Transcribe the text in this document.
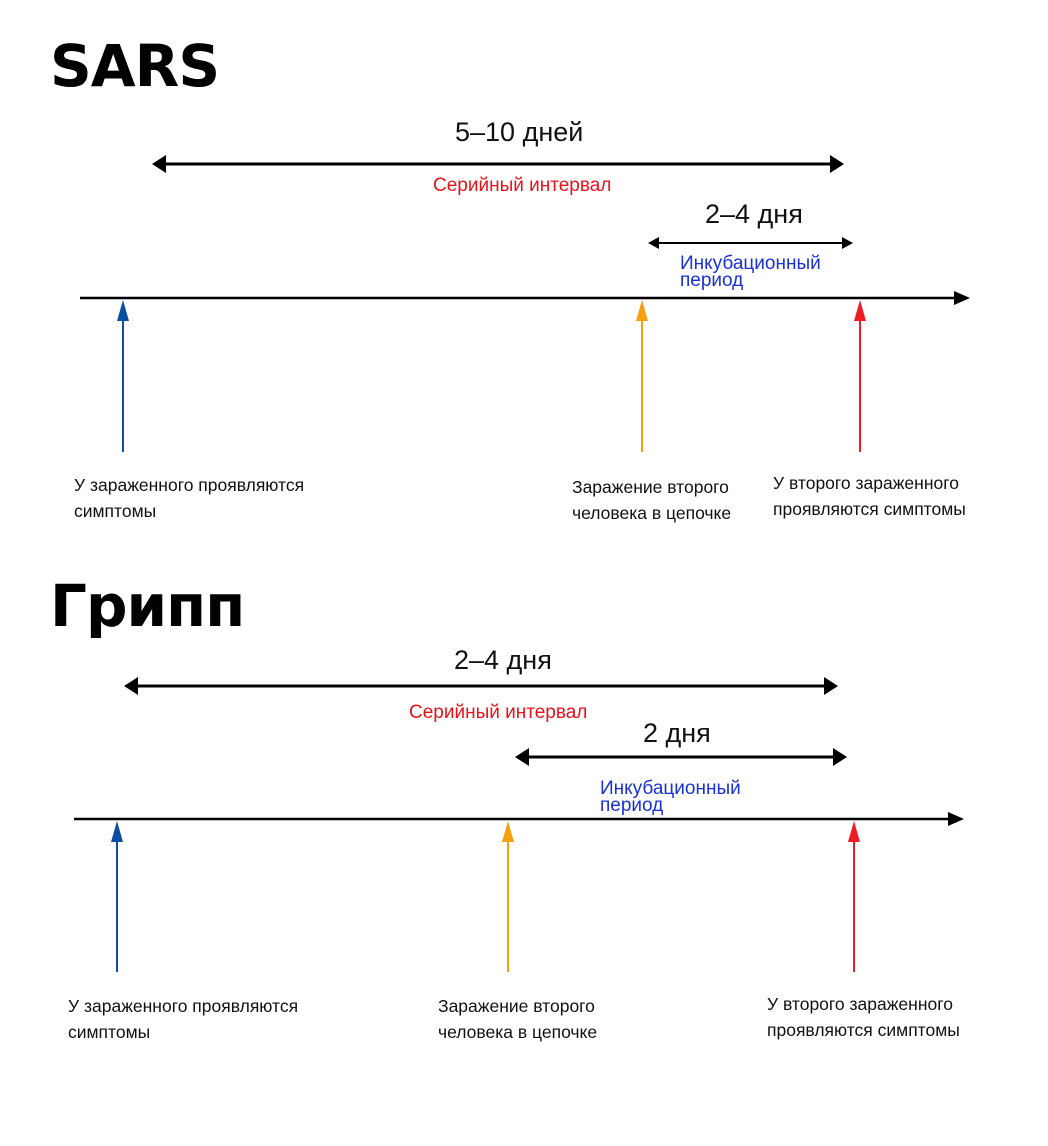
SARS
5–10 дней
Серийный интервал
2–4 дня
Инкубационный период
У зараженного проявляются симптомы
Заражение второго человека в цепочке
У второго зараженного проявляются симптомы
Грипп
2–4 дня
Серийный интервал
2 дня
Инкубационный период
У зараженного проявляются симптомы
Заражение второго человека в цепочке
У второго зараженного проявляются симптомы
